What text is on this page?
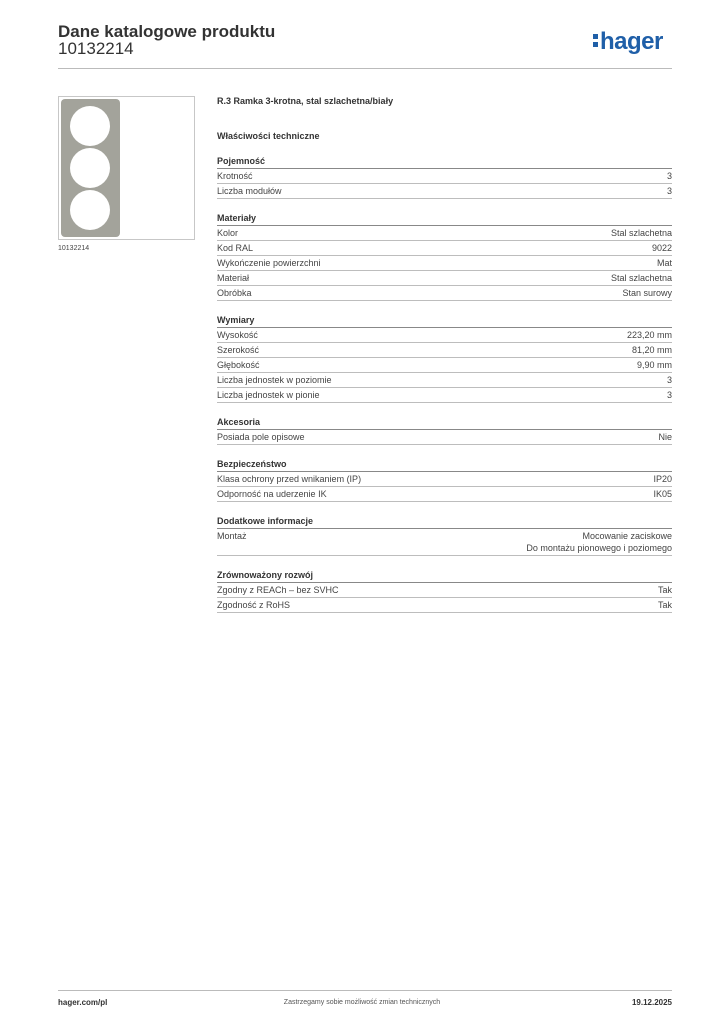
Dane katalogowe produktu
10132214	hager
10132214
R.3 Ramka 3-krotna, stal szlachetna/biały
Właściwości techniczne
Pojemność
Krotność	3
Liczba modułów	3
Materiały
Kolor	Stal szlachetna
Kod RAL	9022
Wykończenie powierzchni	Mat
Materiał	Stal szlachetna
Obróbka	Stan surowy
Wymiary
Wysokość	223,20 mm
Szerokość	81,20 mm
Głębokość	9,90 mm
Liczba jednostek w poziomie	3
Liczba jednostek w pionie	3
Akcesoria
Posiada pole opisowe	Nie
Bezpieczeństwo
Klasa ochrony przed wnikaniem (IP)	IP20
Odporność na uderzenie IK	IK05
Dodatkowe informacje
Montaż	Mocowanie zaciskowe
Do montażu pionowego i poziomego
Zrównoważony rozwój
Zgodny z REACh – bez SVHC	Tak
Zgodność z RoHS	Tak
hager.com/pl	Zastrzegamy sobie możliwość zmian technicznych	19.12.2025
